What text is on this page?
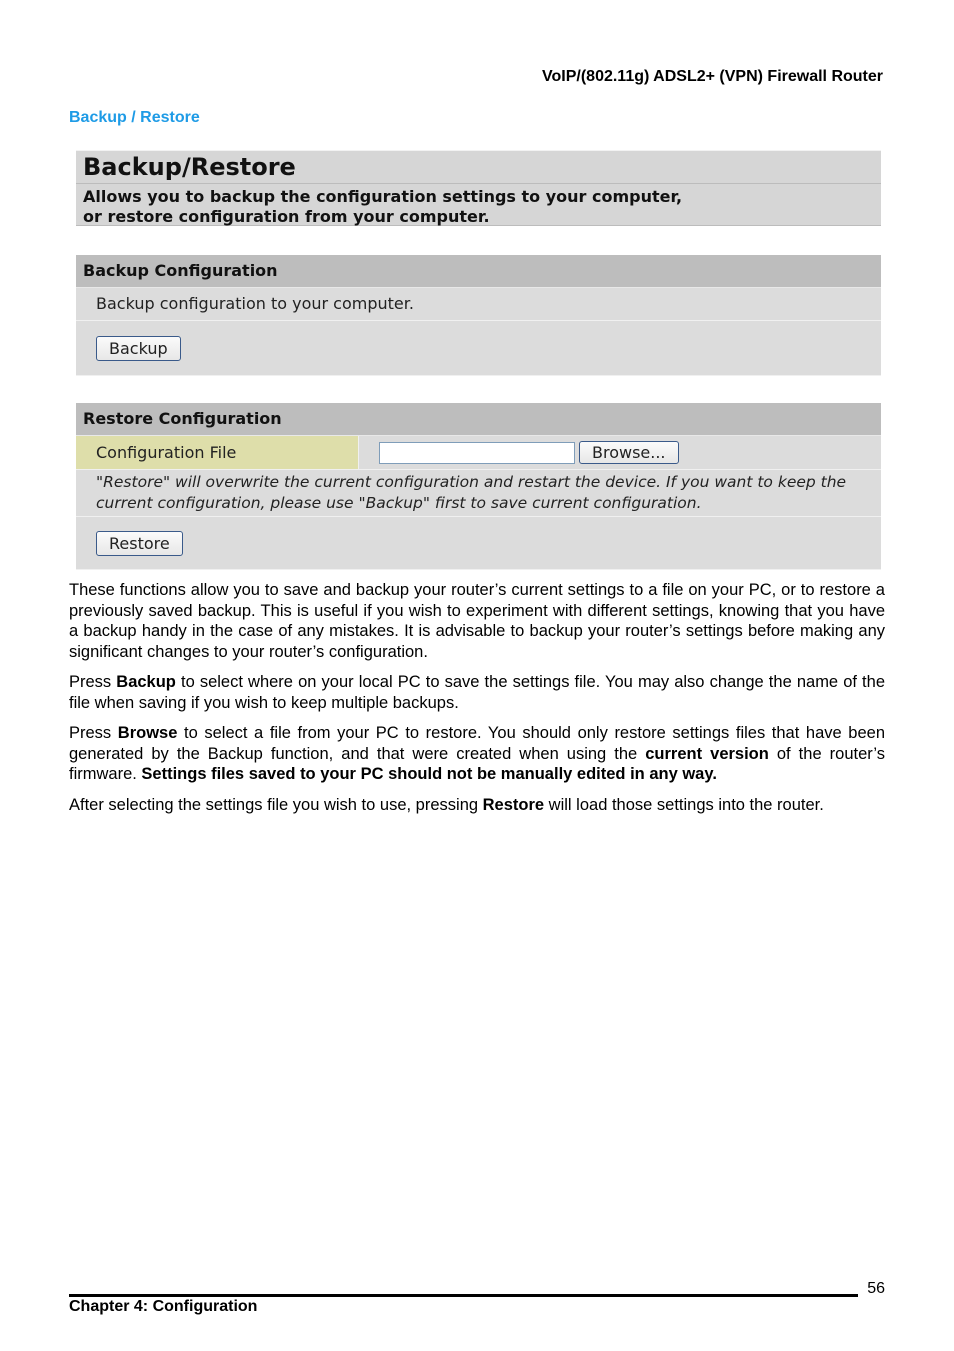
VoIP/(802.11g) ADSL2+ (VPN) Firewall Router
Backup / Restore
Backup/Restore
Allows you to backup the configuration settings to your computer,
or restore configuration from your computer.
Backup Configuration
Backup configuration to your computer.
Backup
Restore Configuration
Configuration File	Browse...
"Restore" will overwrite the current configuration and restart the device. If you want to keep the current configuration, please use "Backup" first to save current configuration.
Restore

These functions allow you to save and backup your router’s current settings to a file on your PC, or to restore a previously saved backup. This is useful if you wish to experiment with different settings, knowing that you have a backup handy in the case of any mistakes. It is advisable to backup your router’s settings before making any significant changes to your router’s configuration.

Press Backup to select where on your local PC to save the settings file. You may also change the name of the file when saving if you wish to keep multiple backups.

Press Browse to select a file from your PC to restore. You should only restore settings files that have been generated by the Backup function, and that were created when using the current version of the router’s firmware. Settings files saved to your PC should not be manually edited in any way.

After selecting the settings file you wish to use, pressing Restore will load those settings into the router.

56
Chapter 4: Configuration
